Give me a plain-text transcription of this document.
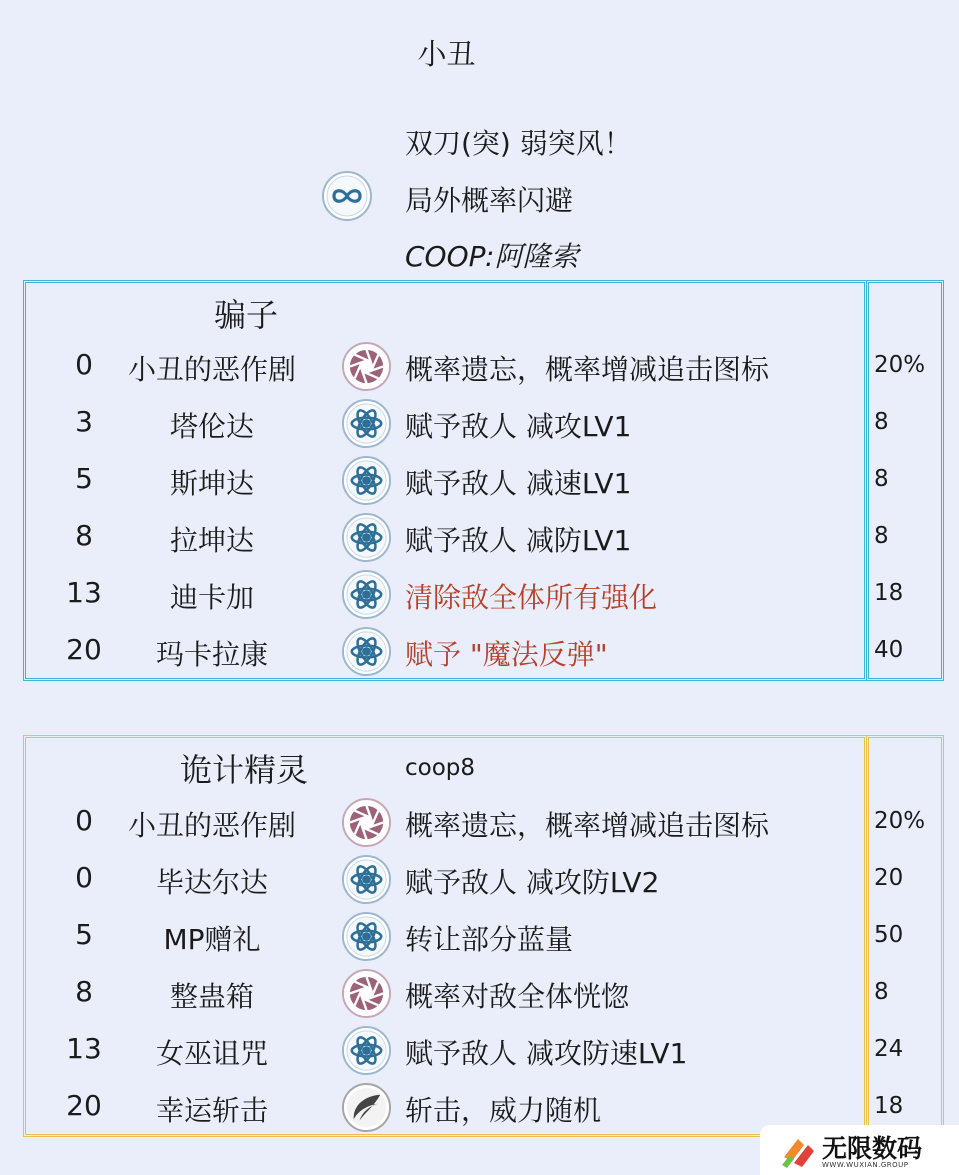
小丑
双刀(突) 弱突风！
局外概率闪避
COOP:阿隆索
骗子
0	小丑的恶作剧	概率遗忘，概率增减追击图标	20%
3	塔伦达	赋予敌人 减攻LV1	8
5	斯坤达	赋予敌人 减速LV1	8
8	拉坤达	赋予敌人 减防LV1	8
13	迪卡加	清除敌全体所有强化	18
20	玛卡拉康	赋予 "魔法反弹"	40
诡计精灵	coop8
0	小丑的恶作剧	概率遗忘，概率增减追击图标	20%
0	毕达尔达	赋予敌人 减攻防LV2	20
5	MP赠礼	转让部分蓝量	50
8	整蛊箱	概率对敌全体恍惚	8
13	女巫诅咒	赋予敌人 减攻防速LV1	24
20	幸运斩击	斩击，威力随机	18
无限数码
WWW.WUXIAN.GROUP
